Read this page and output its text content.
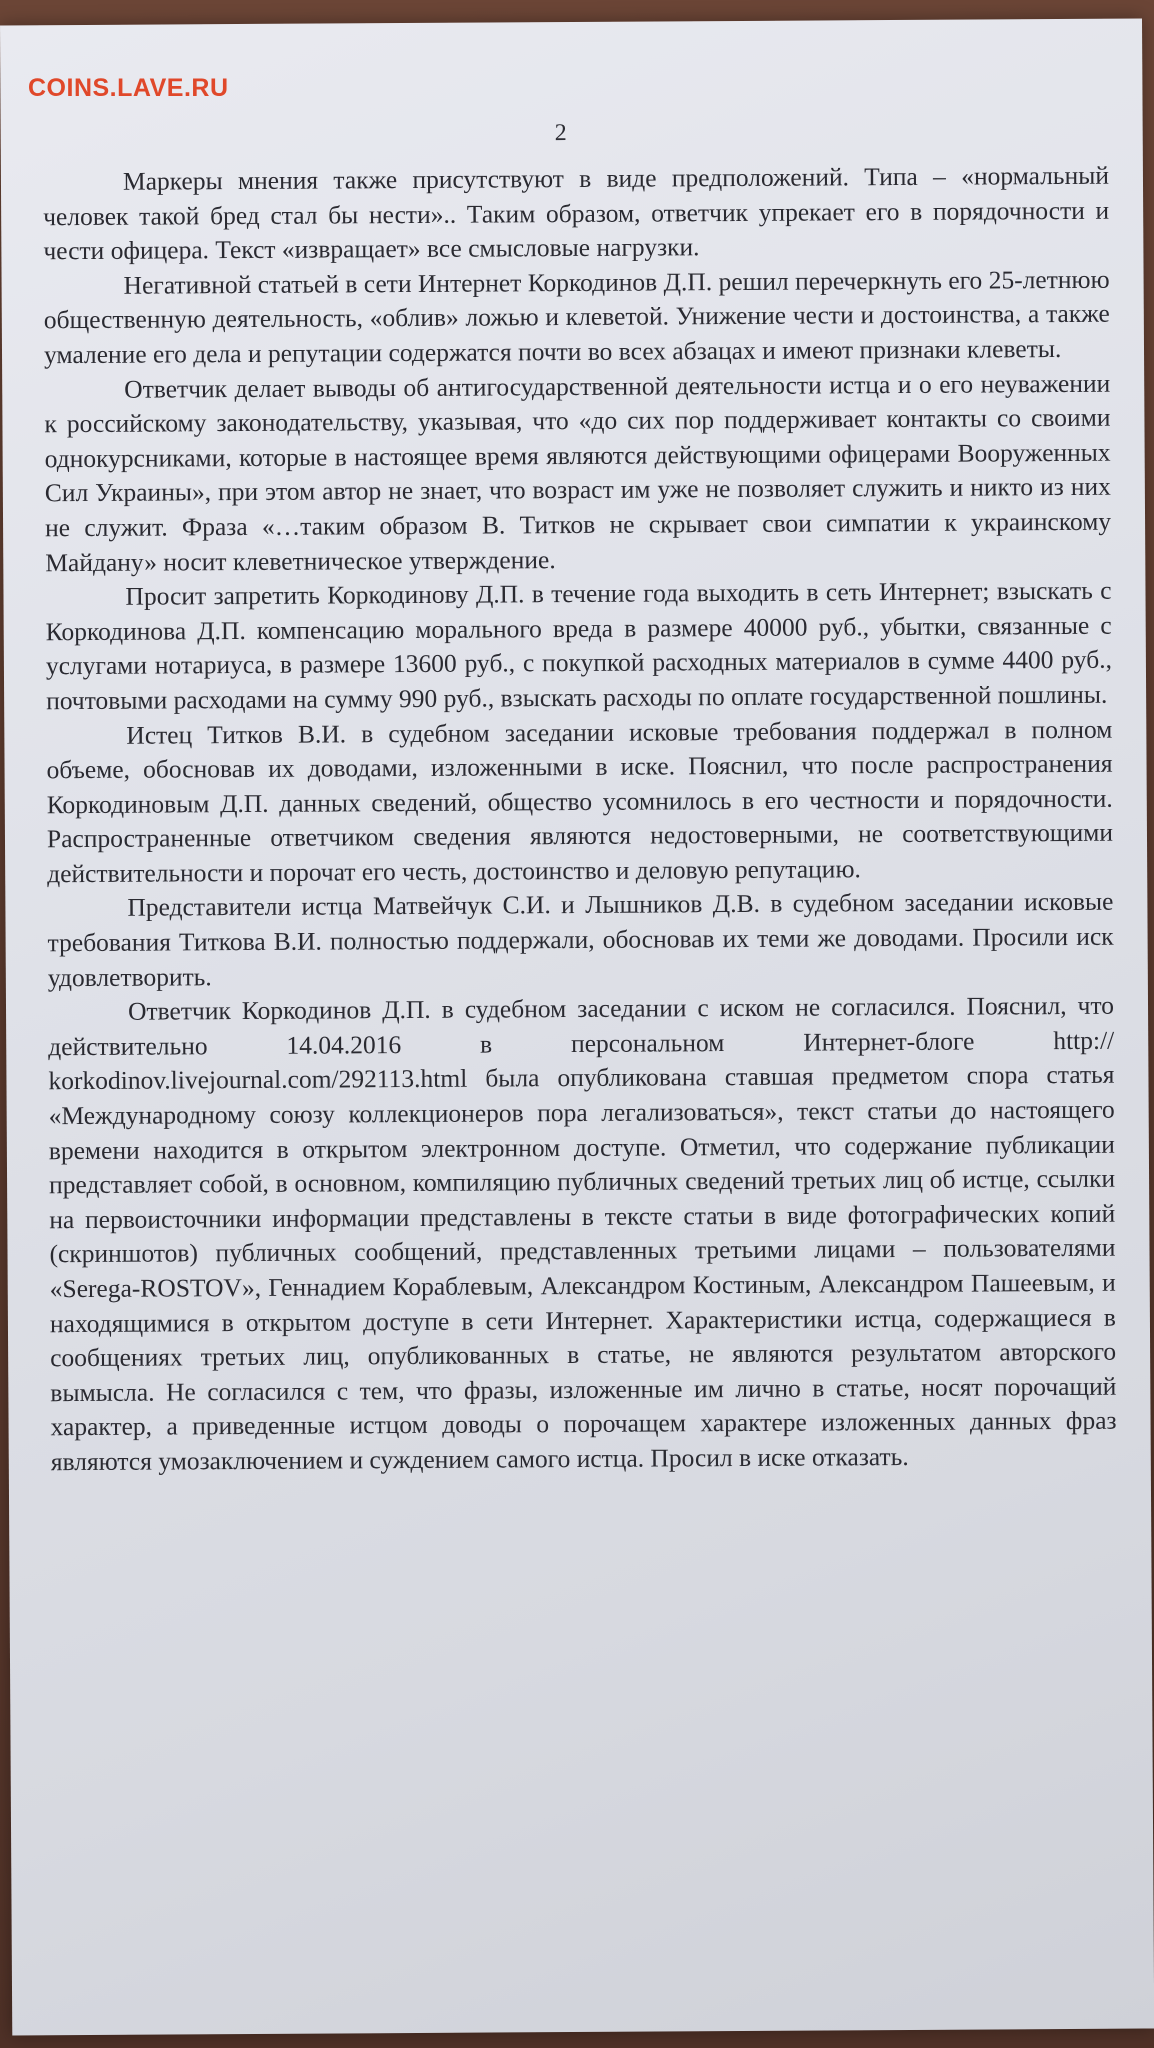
2

Маркеры мнения также присутствуют в виде предположений. Типа – «нормальный человек такой бред стал бы нести».. Таким образом, ответчик упрекает его в порядочности и чести офицера. Текст «извращает» все смысловые нагрузки.

Негативной статьей в сети Интернет Коркодинов Д.П. решил перечеркнуть его 25-летнюю общественную деятельность, «облив» ложью и клеветой. Унижение чести и достоинства, а также умаление его дела и репутации содержатся почти во всех абзацах и имеют признаки клеветы.

Ответчик делает выводы об антигосударственной деятельности истца и о его неуважении к российскому законодательству, указывая, что «до сих пор поддерживает контакты со своими однокурсниками, которые в настоящее время являются действующими офицерами Вооруженных Сил Украины», при этом автор не знает, что возраст им уже не позволяет служить и никто из них не служит. Фраза «…таким образом В. Титков не скрывает свои симпатии к украинскому Майдану» носит клеветническое утверждение.

Просит запретить Коркодинову Д.П. в течение года выходить в сеть Интернет; взыскать с Коркодинова Д.П. компенсацию морального вреда в размере 40000 руб., убытки, связанные с услугами нотариуса, в размере 13600 руб., с покупкой расходных материалов в сумме 4400 руб., почтовыми расходами на сумму 990 руб., взыскать расходы по оплате государственной пошлины.

Истец Титков В.И. в судебном заседании исковые требования поддержал в полном объеме, обосновав их доводами, изложенными в иске. Пояснил, что после распространения Коркодиновым Д.П. данных сведений, общество усомнилось в его честности и порядочности. Распространенные ответчиком сведения являются недостоверными, не соответствующими действительности и порочат его честь, достоинство и деловую репутацию.

Представители истца Матвейчук С.И. и Лышников Д.В. в судебном заседании исковые требования Титкова В.И. полностью поддержали, обосновав их теми же доводами. Просили иск удовлетворить.

Ответчик Коркодинов Д.П. в судебном заседании с иском не согласился. Пояснил, что действительно 14.04.2016 в персональном Интернет-блоге http:// korkodinov.livejournal.com/292113.html была опубликована ставшая предметом спора статья «Международному союзу коллекционеров пора легализоваться», текст статьи до настоящего времени находится в открытом электронном доступе. Отметил, что содержание публикации представляет собой, в основном, компиляцию публичных сведений третьих лиц об истце, ссылки на первоисточники информации представлены в тексте статьи в виде фотографических копий (скриншотов) публичных сообщений, представленных третьими лицами – пользователями «Serega-ROSTOV», Геннадием Кораблевым, Александром Костиным, Александром Пашеевым, и находящимися в открытом доступе в сети Интернет. Характеристики истца, содержащиеся в сообщениях третьих лиц, опубликованных в статье, не являются результатом авторского вымысла. Не согласился с тем, что фразы, изложенные им лично в статье, носят порочащий характер, а приведенные истцом доводы о порочащем характере изложенных данных фраз являются умозаключением и суждением самого истца. Просил в иске отказать.

COINS.LAVE.RU
